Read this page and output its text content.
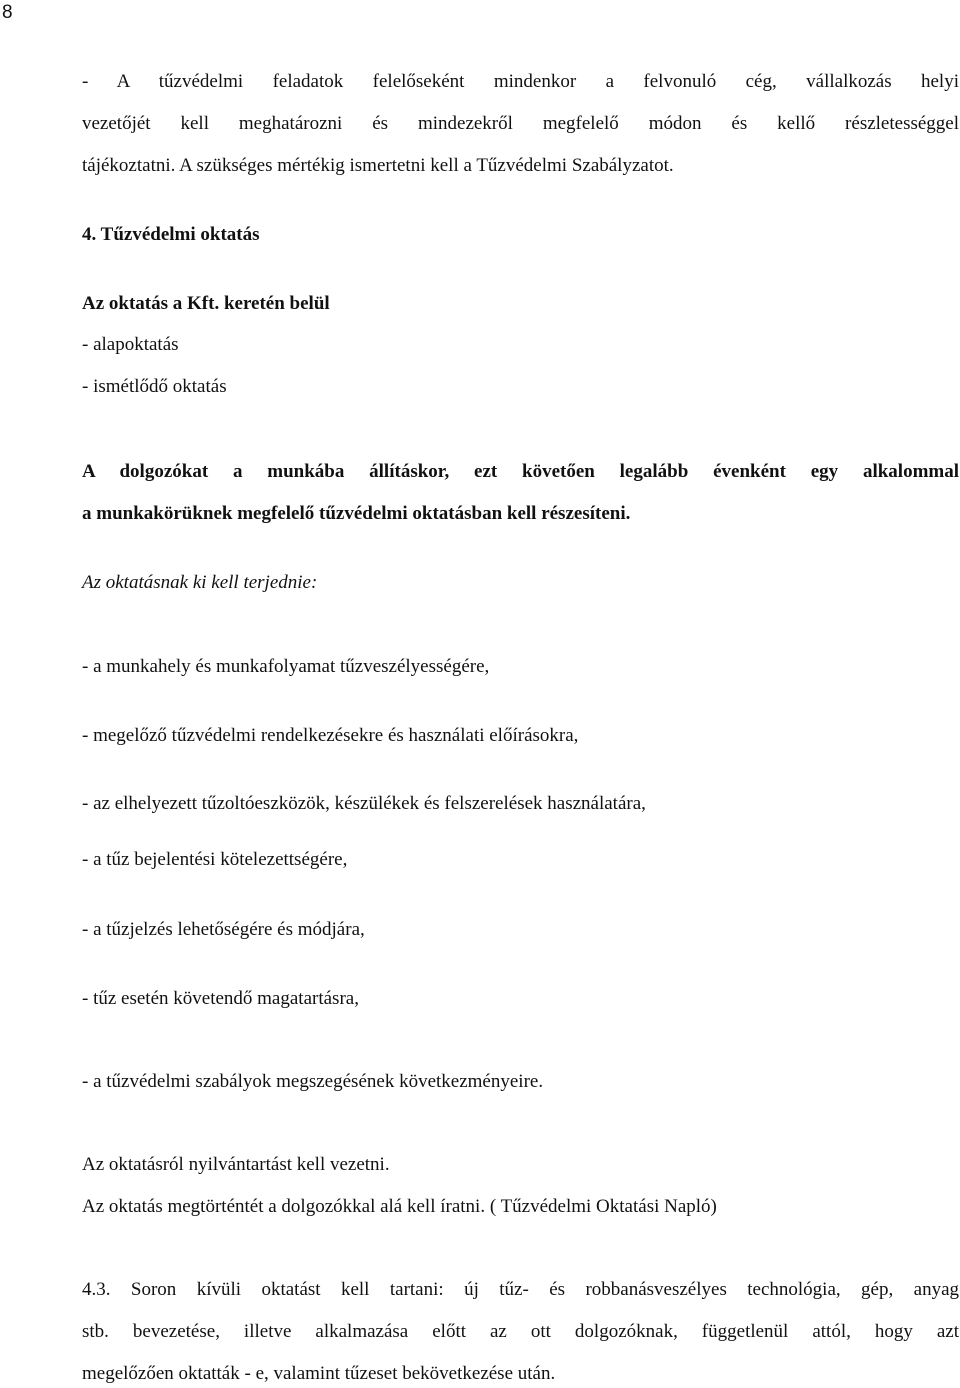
8
- A tűzvédelmi feladatok felelőseként mindenkor a felvonuló cég, vállalkozás helyi
vezetőjét kell meghatározni és mindezekről megfelelő módon és kellő részletességgel
tájékoztatni. A szükséges mértékig ismertetni kell a Tűzvédelmi Szabályzatot.
4. Tűzvédelmi oktatás
Az oktatás a Kft. keretén belül
- alapoktatás
- ismétlődő oktatás
A dolgozókat a munkába állításkor, ezt követően legalább évenként egy alkalommal
a munkakörüknek megfelelő tűzvédelmi oktatásban kell részesíteni.
Az oktatásnak ki kell terjednie:
- a munkahely és munkafolyamat tűzveszélyességére,
- megelőző tűzvédelmi rendelkezésekre és használati előírásokra,
- az elhelyezett tűzoltóeszközök, készülékek és felszerelések használatára,
- a tűz bejelentési kötelezettségére,
- a tűzjelzés lehetőségére és módjára,
- tűz esetén követendő magatartásra,
- a tűzvédelmi szabályok megszegésének következményeire.
Az oktatásról nyilvántartást kell vezetni.
Az oktatás megtörténtét a dolgozókkal alá kell íratni. ( Tűzvédelmi Oktatási Napló)
4.3. Soron kívüli oktatást kell tartani: új tűz- és robbanásveszélyes technológia, gép, anyag
stb. bevezetése, illetve alkalmazása előtt az ott dolgozóknak, függetlenül attól, hogy azt
megelőzően oktatták - e, valamint tűzeset bekövetkezése után.
